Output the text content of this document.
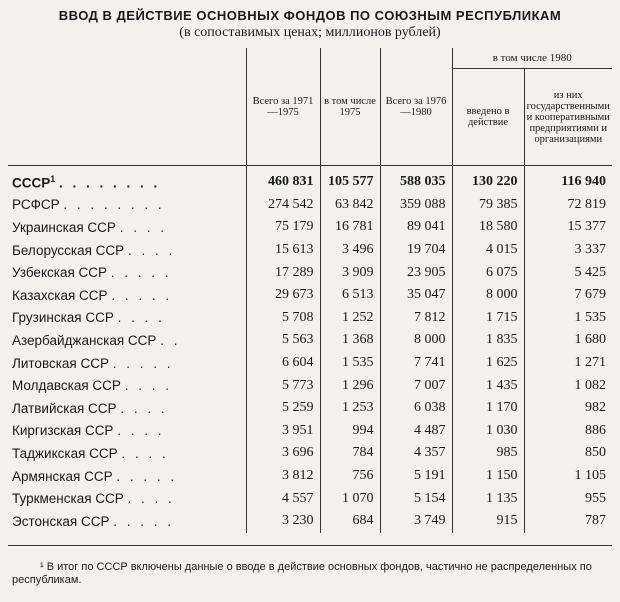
ВВОД В ДЕЙСТВИЕ ОСНОВНЫХ ФОНДОВ ПО СОЮЗНЫМ РЕСПУБЛИКАМ
(в сопоставимых ценах; миллионов рублей)
	Всего за 1971—1975	в том числе 1975	Всего за 1976—1980	в том числе 1980	
				введено в действие	из них государственными и кооперативными предприятиями и организациями
СССР$^1$ . . . . . . . .	460 831	105 577	588 035	130 220	116 940
РСФСР . . . . . . . .	274 542	63 842	359 088	79 385	72 819
Украинская ССР . . . .	75 179	16 781	89 041	18 580	15 377
Белорусская ССР . . . .	15 613	3 496	19 704	4 015	3 337
Узбекская ССР . . . . .	17 289	3 909	23 905	6 075	5 425
Казахская ССР . . . . .	29 673	6 513	35 047	8 000	7 679
Грузинская ССР . . . .	5 708	1 252	7 812	1 715	1 535
Азербайджанская ССР . .	5 563	1 368	8 000	1 835	1 680
Литовская ССР . . . . .	6 604	1 535	7 741	1 625	1 271
Молдавская ССР . . . .	5 773	1 296	7 007	1 435	1 082
Латвийская ССР . . . .	5 259	1 253	6 038	1 170	982
Киргизская ССР . . . .	3 951	994	4 487	1 030	886
Таджикская ССР . . . .	3 696	784	4 357	985	850
Армянская ССР . . . . .	3 812	756	5 191	1 150	1 105
Туркменская ССР . . . .	4 557	1 070	5 154	1 135	955
Эстонская ССР . . . . .	3 230	684	3 749	915	787
¹ В итог по СССР включены данные о вводе в действие основных фондов, частично не распределенных по республикам.
